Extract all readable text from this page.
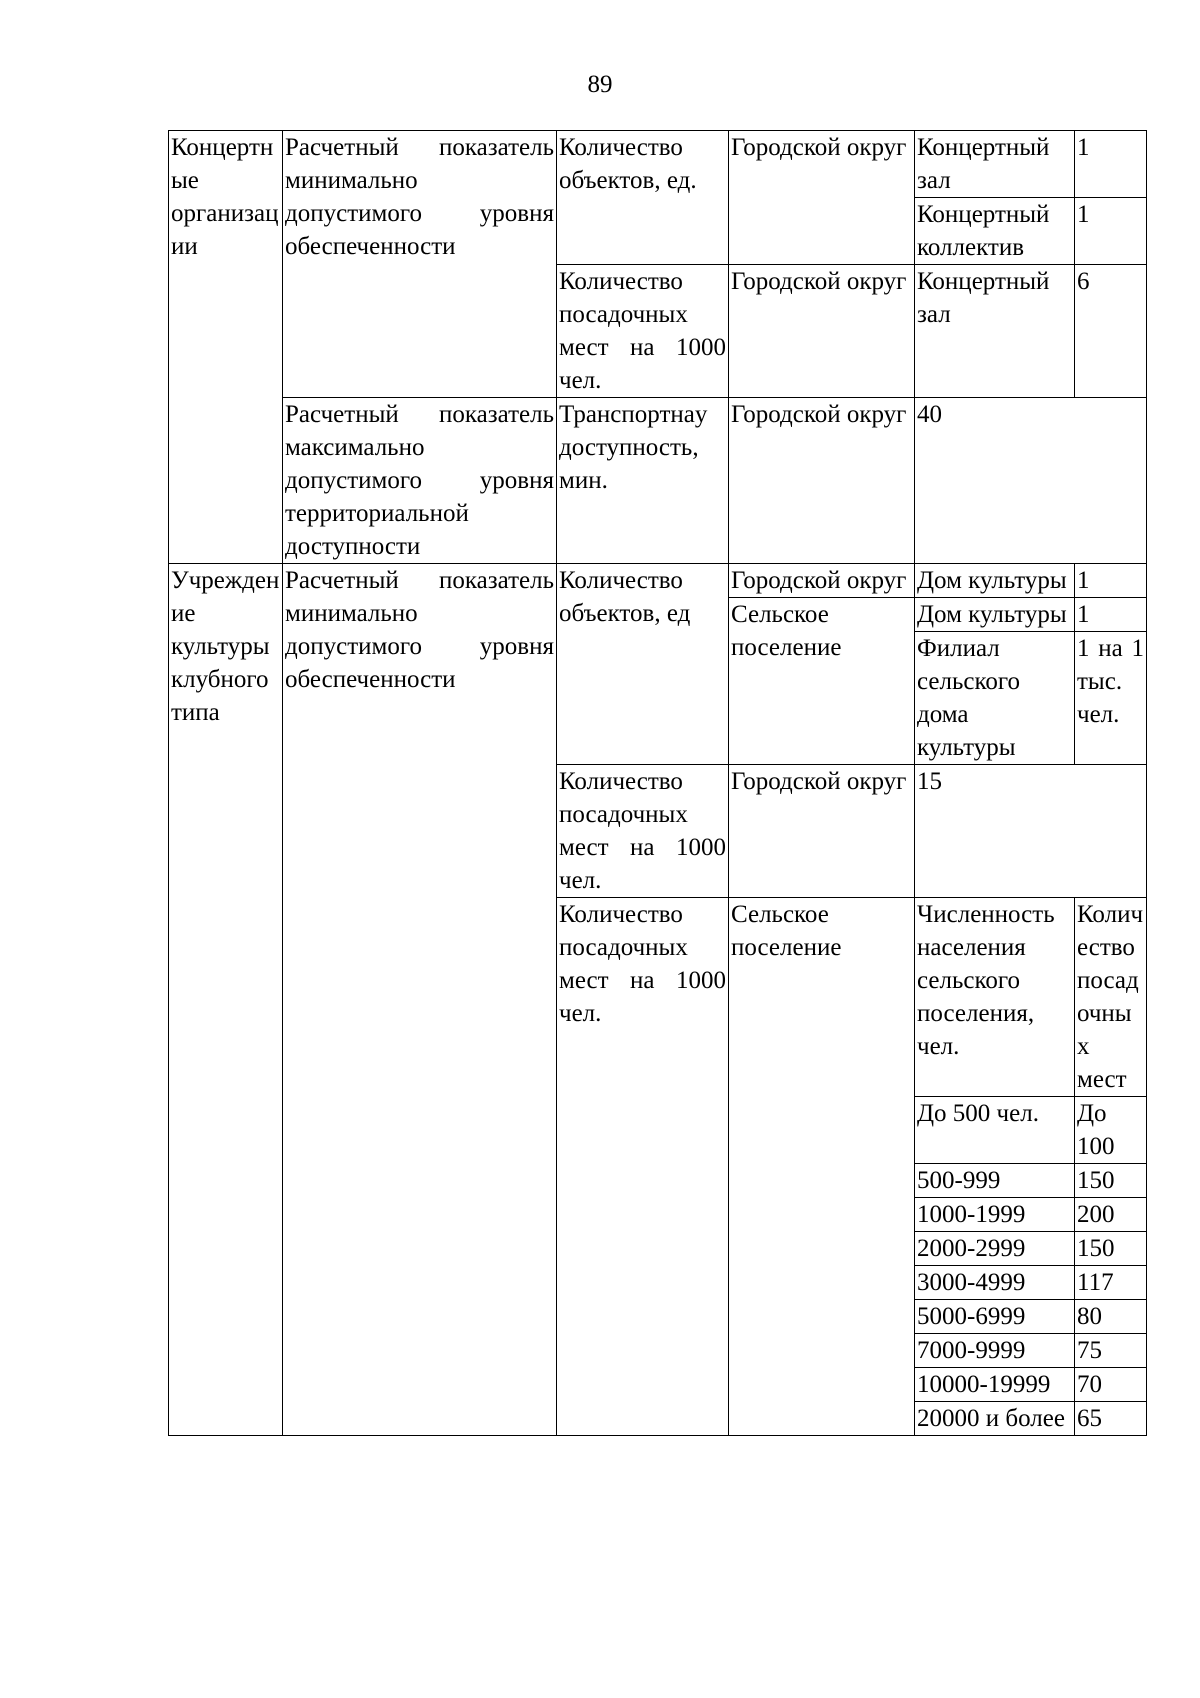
89
Концертные организации	Расчетный показатель минимально допустимого уровня обеспеченности	Количество объектов, ед.	Городской округ	Концертный зал	1
				Концертный коллектив	1
		Количество посадочных мест на 1000 чел.	Городской округ	Концертный зал	6
	Расчетный показатель максимально допустимого уровня территориальной доступности	Транспортнаy доступность, мин.	Городской округ	40	
Учреждение культуры клубного типа	Расчетный показатель минимально допустимого уровня обеспеченности	Количество объектов, ед	Городской округ	Дом культуры	1
			Сельское поселение	Дом культуры	1
				Филиал сельского дома культуры	1 на 1 тыс. чел.
		Количество посадочных мест на 1000 чел.	Городской округ	15	
		Количество посадочных мест на 1000 чел.	Сельское поселение	Численность населения сельского поселения, чел.	Количество посадочных мест
				До 500 чел.	До 100
				500-999	150
				1000-1999	200
				2000-2999	150
				3000-4999	117
				5000-6999	80
				7000-9999	75
				10000-19999	70
				20000 и более	65
